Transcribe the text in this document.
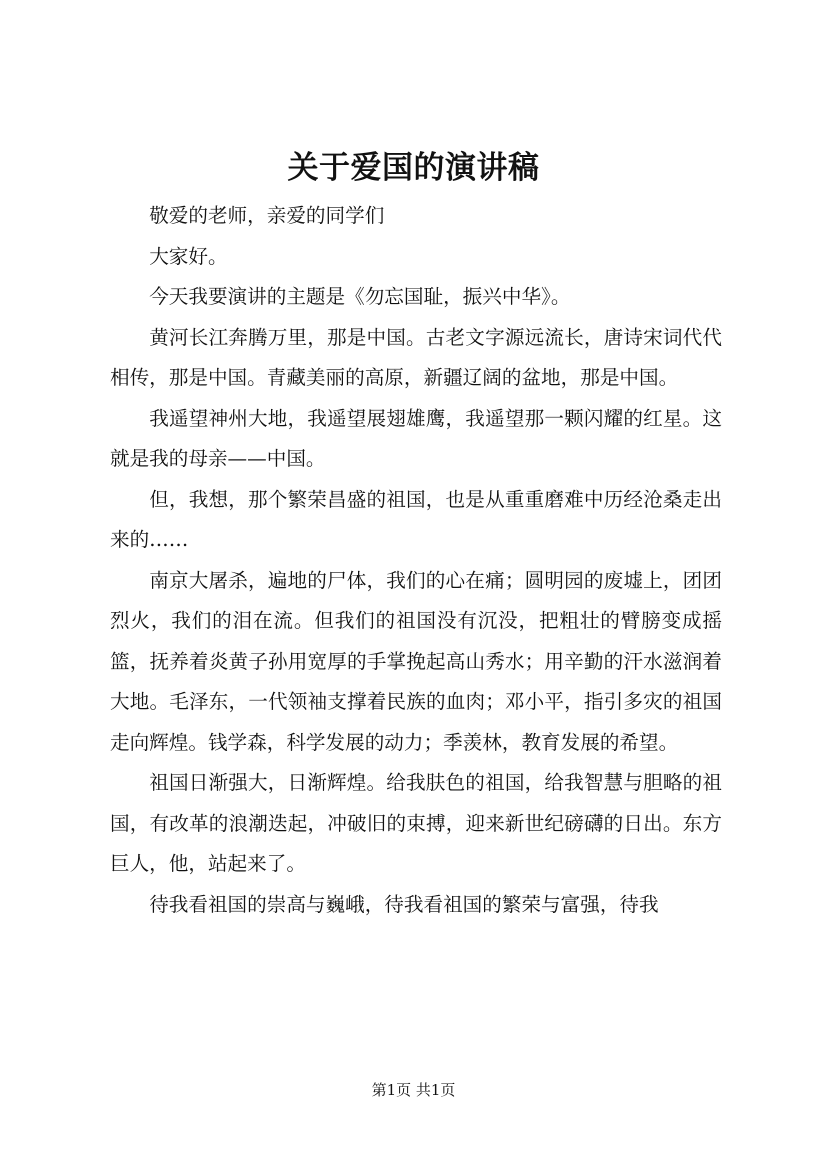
关于爱国的演讲稿

敬爱的老师，亲爱的同学们

大家好。

今天我要演讲的主题是《勿忘国耻，振兴中华》。

黄河长江奔腾万里，那是中国。古老文字源远流长，唐诗宋词代代相传，那是中国。青藏美丽的高原，新疆辽阔的盆地，那是中国。

我遥望神州大地，我遥望展翅雄鹰，我遥望那一颗闪耀的红星。这就是我的母亲——中国。

但，我想，那个繁荣昌盛的祖国，也是从重重磨难中历经沧桑走出来的……

南京大屠杀，遍地的尸体，我们的心在痛；圆明园的废墟上，团团烈火，我们的泪在流。但我们的祖国没有沉没，把粗壮的臂膀变成摇篮，抚养着炎黄子孙用宽厚的手掌挽起高山秀水；用辛勤的汗水滋润着大地。毛泽东，一代领袖支撑着民族的血肉；邓小平，指引多灾的祖国走向辉煌。钱学森，科学发展的动力；季羡林，教育发展的希望。

祖国日渐强大，日渐辉煌。给我肤色的祖国，给我智慧与胆略的祖国，有改革的浪潮迭起，冲破旧的束搏，迎来新世纪磅礴的日出。东方巨人，他，站起来了。

待我看祖国的崇高与巍峨，待我看祖国的繁荣与富强，待我

第1页 共1页
